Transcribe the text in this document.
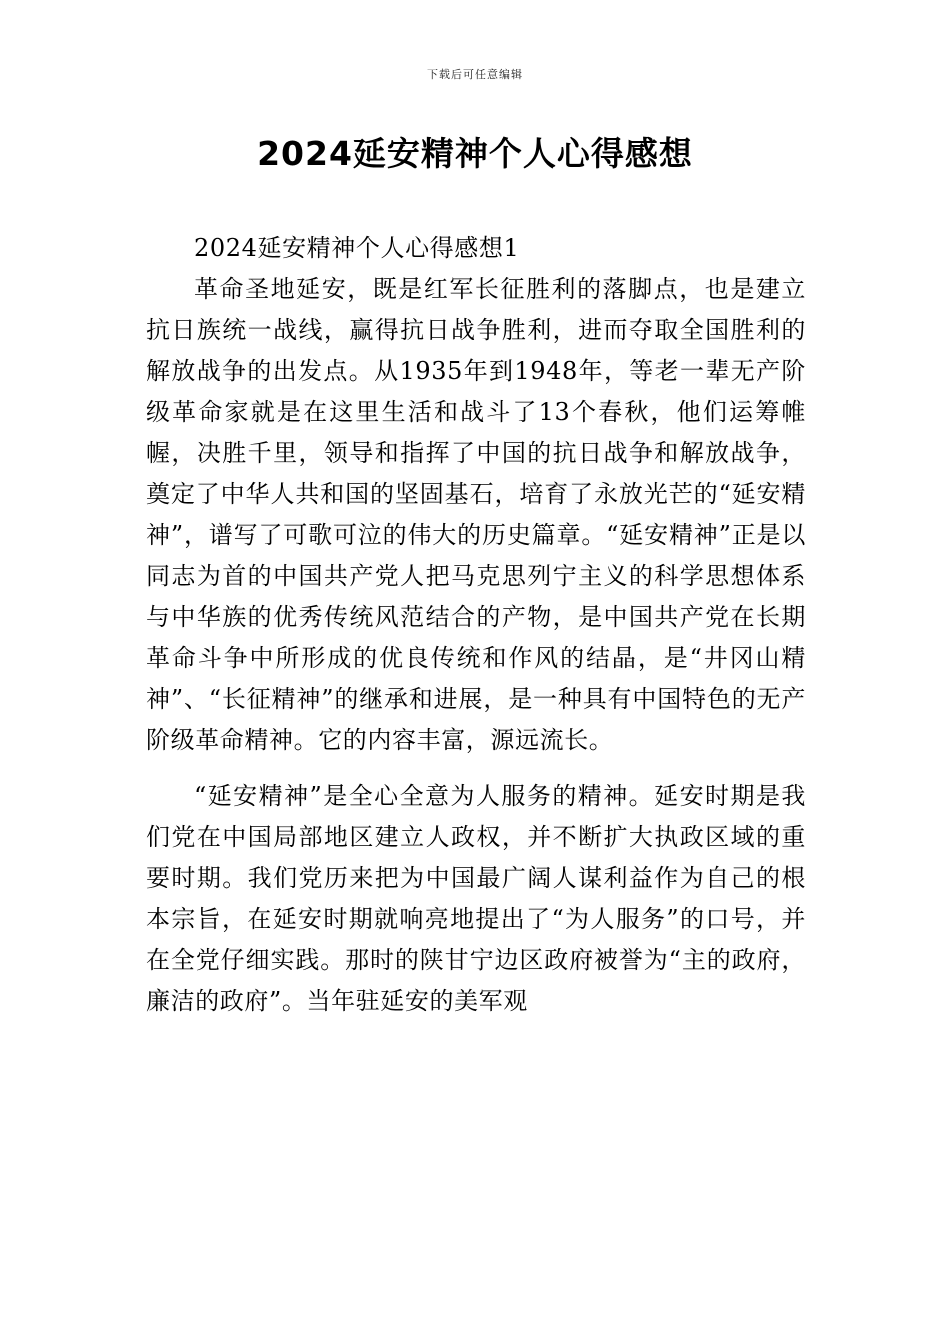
下载后可任意编辑
2024延安精神个人心得感想

2024延安精神个人心得感想1

革命圣地延安，既是红军长征胜利的落脚点，也是建立抗日族统一战线，赢得抗日战争胜利，进而夺取全国胜利的解放战争的出发点。从1935年到1948年，等老一辈无产阶级革命家就是在这里生活和战斗了13个春秋，他们运筹帷幄，决胜千里，领导和指挥了中国的抗日战争和解放战争，奠定了中华人共和国的坚固基石，培育了永放光芒的“延安精神”，谱写了可歌可泣的伟大的历史篇章。“延安精神”正是以同志为首的中国共产党人把马克思列宁主义的科学思想体系与中华族的优秀传统风范结合的产物，是中国共产党在长期革命斗争中所形成的优良传统和作风的结晶，是“井冈山精神”、“长征精神”的继承和进展，是一种具有中国特色的无产阶级革命精神。它的内容丰富，源远流长。

“延安精神”是全心全意为人服务的精神。延安时期是我们党在中国局部地区建立人政权，并不断扩大执政区域的重要时期。我们党历来把为中国最广阔人谋利益作为自己的根本宗旨，在延安时期就响亮地提出了“为人服务”的口号，并在全党仔细实践。那时的陕甘宁边区政府被誉为“主的政府，廉洁的政府”。当年驻延安的美军观
